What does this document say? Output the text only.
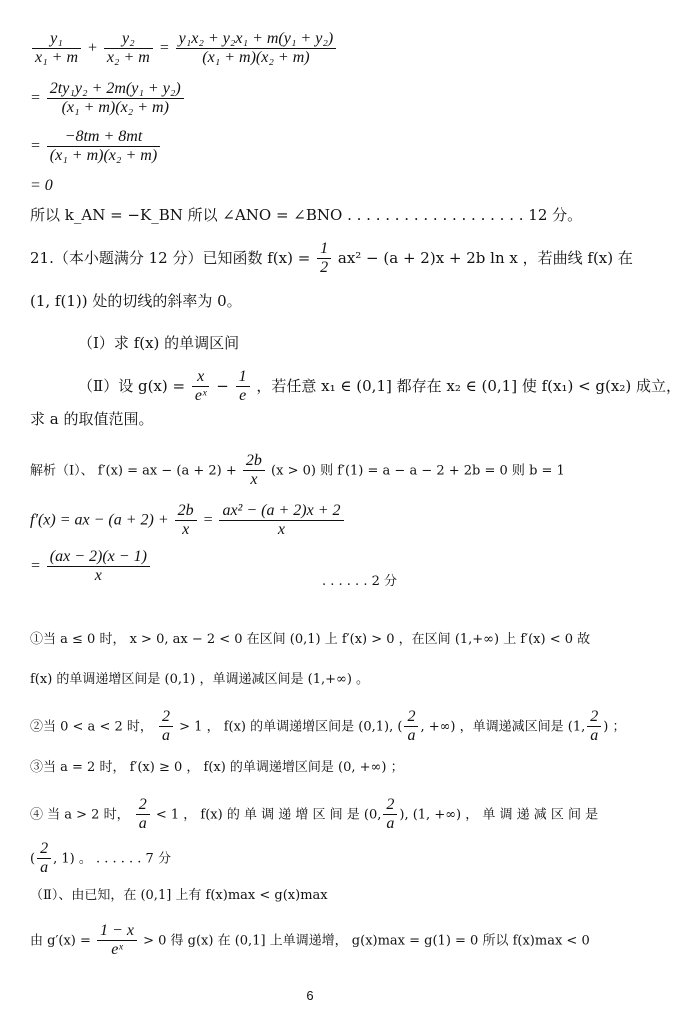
$\frac{\text{y₁}}{\text{x₁ + m}} + \frac{\text{y₂}}{\text{x₂ + m}} = \frac{\text{y₁x₂ + y₂x₁ + m(y₁ + y₂)}}{\text{(x₁ + m)(x₂ + m)}}$
= $\frac{\text{2ty₁y₂ + 2m(y₁ + y₂)}}{\text{(x₁ + m)(x₂ + m)}}$
= $\frac{-8tm + 8mt}{\text{(x₁ + m)(x₂ + m)}}$
= 0
所以 k_AN = −K_BN 所以 ∠ANO = ∠BNO . . . . . . . . . . . . . . . . . . . 12 分。
21.（本小题满分 12 分）已知函数 $f(x) = \frac{1}{2} ax^2 - (a + 2)x + 2b$ ln x ，若曲线 f(x) 在
(1, f(1)) 处的切线的斜率为 0。
（Ⅰ）求 f(x) 的单调区间
（Ⅱ）设 $g(x) = \frac{x}{\text{eˣ}} - \frac{1}{e}$ ，若任意 x₁ ∈ (0,1] 都存在 x₂ ∈ (0,1] 使 f(x₁) < g(x₂) 成立，
求 a 的取值范围。
解析（Ⅰ）、 f′(x) = ax − $(a + 2) + \frac{2b}{x} (x > 0)$ 则 f′(1) = a − a − 2 + 2b = 0 则 b = 1
f′(x) = ax − $(a + 2) + \frac{2b}{x} = \frac{\text{ax² − (a + 2)x + 2}}{x}$
= $\frac{(ax - 2)(x - 1)}{x}$	. . . . . . 2 分
①当 a ≤ 0 时， x > 0, ax − 2 < 0 在区间 (0,1) 上 f′(x) > 0 ，在区间 (1,+∞) 上 f′(x) < 0 故
f(x) 的单调递增区间是 (0,1) ，单调递减区间是 (1,+∞) 。
②当 0 < a < 2 时， $\frac{2}{a} > 1$ ， f(x) 的单调递增区间是 (0,1), ( $\frac{2}{a}$ , +∞) ，单调递减区间是 (1, $\frac{2}{a}$ ) ；
③当 a = 2 时， f′(x) ≥ 0 ， f(x) 的单调递增区间是 (0, +∞) ；
④ 当 a > 2 时， $\frac{2}{a} < 1$ ， f(x) 的 单 调 递 增 区 间 是 (0, $\frac{2}{a}$ ), (1, +∞) ， 单 调 递 减 区 间 是
( $\frac{2}{a}$ , 1) 。 . . . . . . 7 分
（Ⅱ）、由已知，在 (0,1] 上有 f(x)max < g(x)max
由 $g'(x) = \frac{1 - x}{\text{eˣ}} > 0$ 得 g(x) 在 (0,1] 上单调递增， g(x)max = g(1) = 0 所以 f(x)max < 0
6
